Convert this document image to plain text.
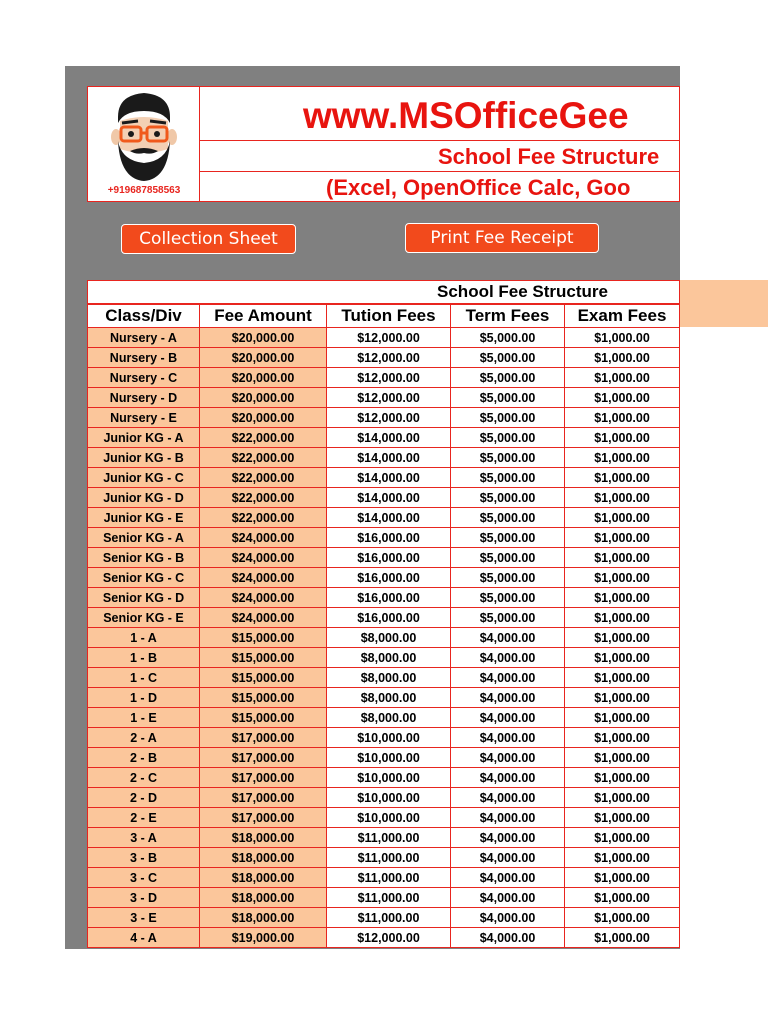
+919687858563
www.MSOfficeGee
School Fee Structure
(Excel, OpenOffice Calc, Goo
Collection Sheet	Print Fee Receipt
School Fee Structure
Class/Div	Fee Amount	Tution Fees	Term Fees	Exam Fees
Nursery - A	$20,000.00	$12,000.00	$5,000.00	$1,000.00
Nursery - B	$20,000.00	$12,000.00	$5,000.00	$1,000.00
Nursery - C	$20,000.00	$12,000.00	$5,000.00	$1,000.00
Nursery - D	$20,000.00	$12,000.00	$5,000.00	$1,000.00
Nursery - E	$20,000.00	$12,000.00	$5,000.00	$1,000.00
Junior KG - A	$22,000.00	$14,000.00	$5,000.00	$1,000.00
Junior KG - B	$22,000.00	$14,000.00	$5,000.00	$1,000.00
Junior KG - C	$22,000.00	$14,000.00	$5,000.00	$1,000.00
Junior KG - D	$22,000.00	$14,000.00	$5,000.00	$1,000.00
Junior KG - E	$22,000.00	$14,000.00	$5,000.00	$1,000.00
Senior KG - A	$24,000.00	$16,000.00	$5,000.00	$1,000.00
Senior KG - B	$24,000.00	$16,000.00	$5,000.00	$1,000.00
Senior KG - C	$24,000.00	$16,000.00	$5,000.00	$1,000.00
Senior KG - D	$24,000.00	$16,000.00	$5,000.00	$1,000.00
Senior KG - E	$24,000.00	$16,000.00	$5,000.00	$1,000.00
1 - A	$15,000.00	$8,000.00	$4,000.00	$1,000.00
1 - B	$15,000.00	$8,000.00	$4,000.00	$1,000.00
1 - C	$15,000.00	$8,000.00	$4,000.00	$1,000.00
1 - D	$15,000.00	$8,000.00	$4,000.00	$1,000.00
1 - E	$15,000.00	$8,000.00	$4,000.00	$1,000.00
2 - A	$17,000.00	$10,000.00	$4,000.00	$1,000.00
2 - B	$17,000.00	$10,000.00	$4,000.00	$1,000.00
2 - C	$17,000.00	$10,000.00	$4,000.00	$1,000.00
2 - D	$17,000.00	$10,000.00	$4,000.00	$1,000.00
2 - E	$17,000.00	$10,000.00	$4,000.00	$1,000.00
3 - A	$18,000.00	$11,000.00	$4,000.00	$1,000.00
3 - B	$18,000.00	$11,000.00	$4,000.00	$1,000.00
3 - C	$18,000.00	$11,000.00	$4,000.00	$1,000.00
3 - D	$18,000.00	$11,000.00	$4,000.00	$1,000.00
3 - E	$18,000.00	$11,000.00	$4,000.00	$1,000.00
4 - A	$19,000.00	$12,000.00	$4,000.00	$1,000.00
